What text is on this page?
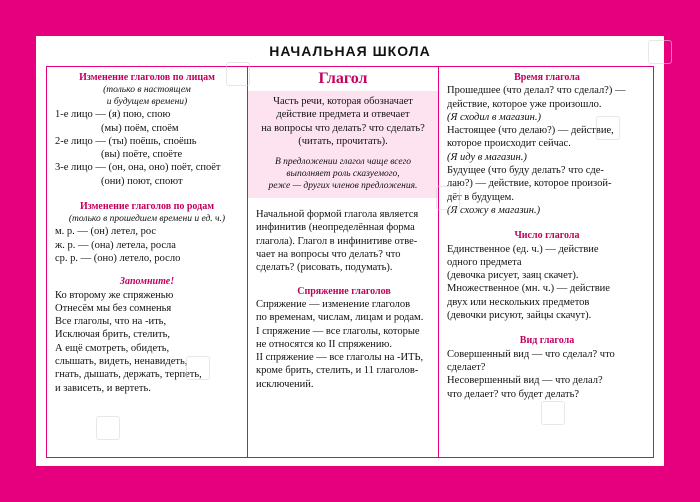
НАЧАЛЬНАЯ ШКОЛА
Изменение глаголов по лицам
(только в настоящем
и будущем времени)
1-е лицо — (я) пою, спою
(мы) поём, споём
2-е лицо — (ты) поёшь, споёшь
(вы) поёте, споёте
3-е лицо — (он, она, оно) поёт, споёт
(они) поют, споют
Изменение глаголов по родам
(только в прошедшем времени и ед. ч.)
м. р. — (он) летел, рос
ж. р. — (она) летела, росла
ср. р. — (оно) летело, росло
Запомните!
Ко второму же спряженью
Отнесём мы без сомненья
Все глаголы, что на -ить,
Исключая брить, стелить,
А ещё смотреть, обидеть,
слышать, видеть, ненавидеть,
гнать, дышать, держать, терпеть,
и зависеть, и вертеть.
Глагол
Часть речи, которая обозначает
действие предмета и отвечает
на вопросы что делать? что сделать?
(читать, прочитать).
В предложении глагол чаще всего
выполняет роль сказуемого,
реже — других членов предложения.
Начальной формой глагола является
инфинитив (неопределённая форма
глагола). Глагол в инфинитиве отве-
чает на вопросы что делать? что
сделать? (рисовать, подумать).
Спряжение глаголов
Спряжение — изменение глаголов
по временам, числам, лицам и родам.
I спряжение — все глаголы, которые
не относятся ко II спряжению.
II спряжение — все глаголы на -ИТЬ,
кроме брить, стелить, и 11 глаголов-
исключений.
Время глагола
Прошедшее (что делал? что сделал?) —
действие, которое уже произошло.
(Я сходил в магазин.)
Настоящее (что делаю?) — действие,
которое происходит сейчас.
(Я иду в магазин.)
Будущее (что буду делать? что сде-
лаю?) — действие, которое произой-
дёт в будущем.
(Я схожу в магазин.)
Число глагола
Единственное (ед. ч.) — действие
одного предмета
(девочка рисует, заяц скачет).
Множественное (мн. ч.) — действие
двух или нескольких предметов
(девочки рисуют, зайцы скачут).
Вид глагола
Совершенный вид — что сделал? что
сделает?
Несовершенный вид — что делал?
что делает? что будет делать?
